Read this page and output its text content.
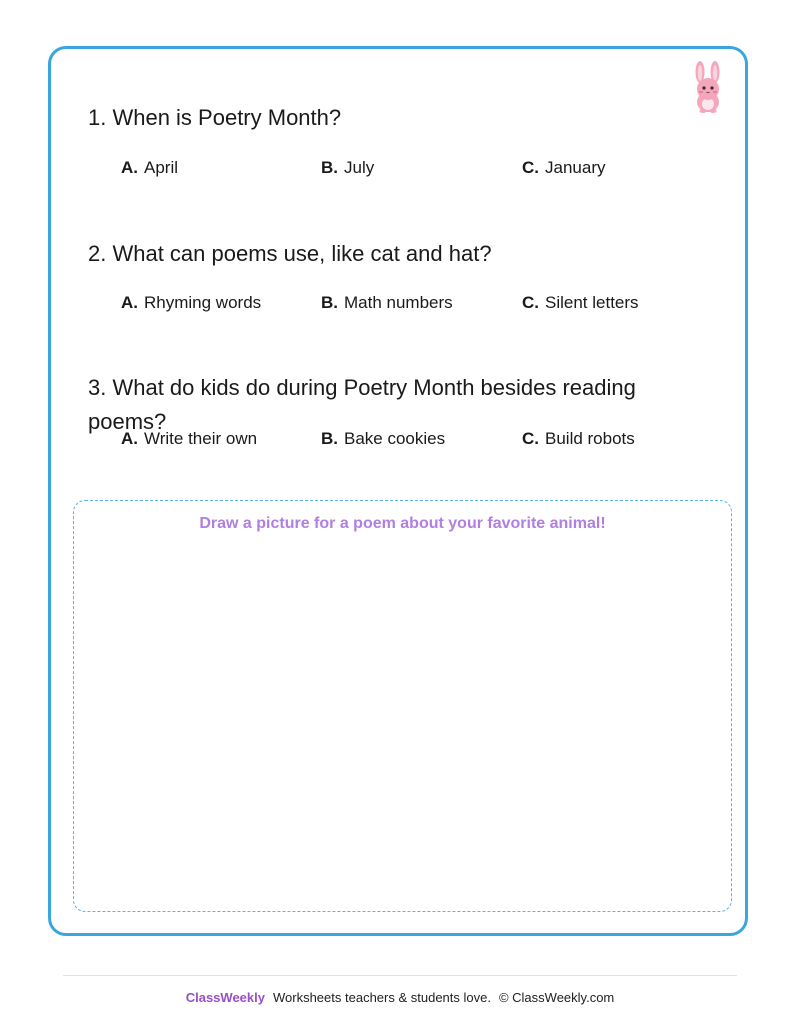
1. When is Poetry Month?
A. April	B. July	C. January
2. What can poems use, like cat and hat?
A. Rhyming words	B. Math numbers	C. Silent letters
3. What do kids do during Poetry Month besides reading poems?
A. Write their own	B. Bake cookies	C. Build robots
Draw a picture for a poem about your favorite animal!
ClassWeekly Worksheets teachers & students love. © ClassWeekly.com
